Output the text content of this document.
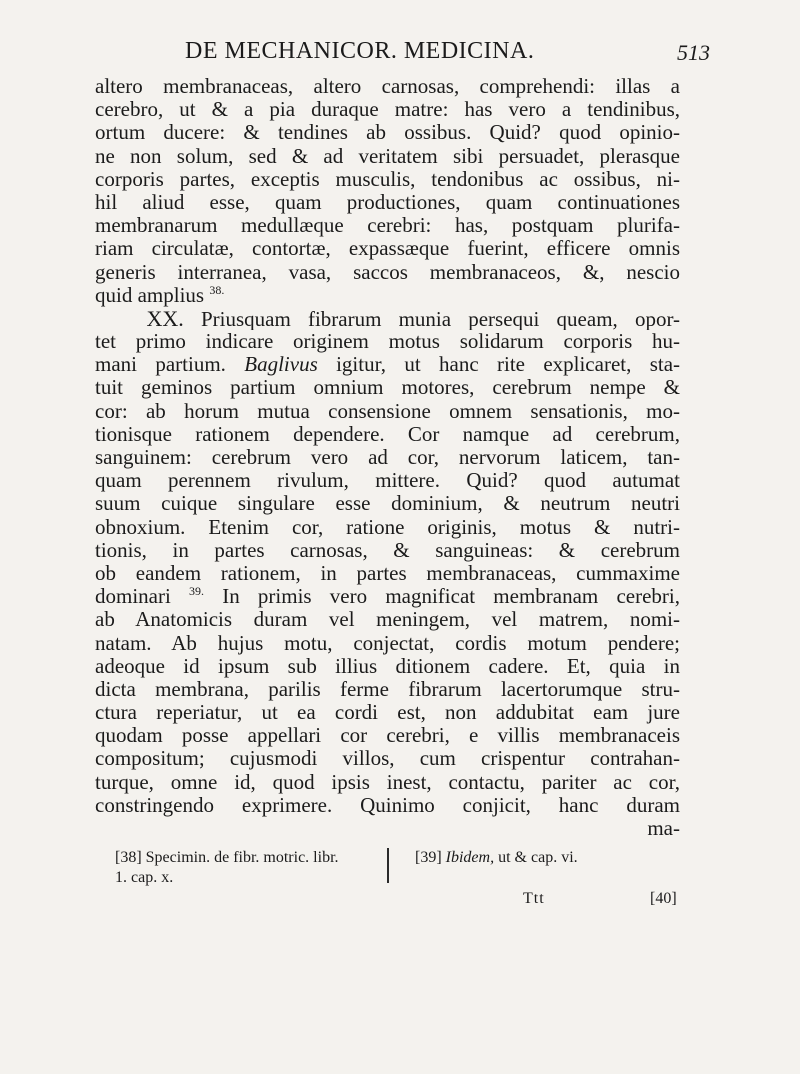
DE MECHANICOR. MEDICINA.	513
altero membranaceas, altero carnosas, comprehendi: illas a
cerebro, ut & a pia duraque matre: has vero a tendinibus,
ortum ducere: & tendines ab ossibus. Quid? quod opinio-
ne non solum, sed & ad veritatem sibi persuadet, plerasque
corporis partes, exceptis musculis, tendonibus ac ossibus, ni-
hil aliud esse, quam productiones, quam continuationes
membranarum medullæque cerebri: has, postquam plurifa-
riam circulatæ, contortæ, expassæque fuerint, efficere omnis
generis interranea, vasa, saccos membranaceos, &, nescio
quid amplius $^{38.}$
XX. Priusquam fibrarum munia persequi queam, opor-
tet primo indicare originem motus solidarum corporis hu-
mani partium. Baglivus igitur, ut hanc rite explicaret, sta-
tuit geminos partium omnium motores, cerebrum nempe &
cor: ab horum mutua consensione omnem sensationis, mo-
tionisque rationem dependere. Cor namque ad cerebrum,
sanguinem: cerebrum vero ad cor, nervorum laticem, tan-
quam perennem rivulum, mittere. Quid? quod autumat
suum cuique singulare esse dominium, & neutrum neutri
obnoxium. Etenim cor, ratione originis, motus & nutri-
tionis, in partes carnosas, & sanguineas: & cerebrum
ob eandem rationem, in partes membranaceas, cummaxime
dominari $^{39.}$ In primis vero magnificat membranam cerebri,
ab Anatomicis duram vel meningem, vel matrem, nomi-
natam. Ab hujus motu, conjectat, cordis motum pendere;
adeoque id ipsum sub illius ditionem cadere. Et, quia in
dicta membrana, parilis ferme fibrarum lacertorumque stru-
ctura reperiatur, ut ea cordi est, non addubitat eam jure
quodam posse appellari cor cerebri, e villis membranaceis
compositum; cujusmodi villos, cum crispentur contrahan-
turque, omne id, quod ipsis inest, contactu, pariter ac cor,
constringendo exprimere. Quinimo conjicit, hanc duram
ma-
[38] Specimin. de fibr. motric. libr.
1. cap. x.
[39] Ibidem, ut & cap. vi.
Ttt	[40]
